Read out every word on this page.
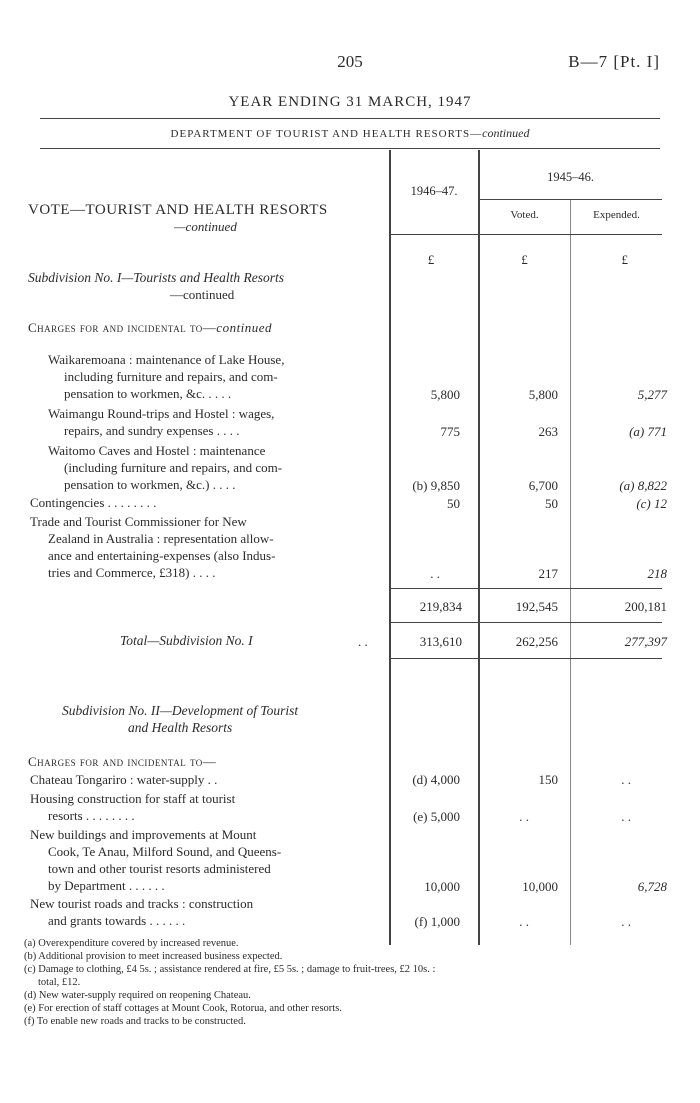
205	B—7 [Pt. I]
YEAR ENDING 31 MARCH, 1947
DEPARTMENT OF TOURIST AND HEALTH RESORTS—continued
1946–47.
1945–46.
Voted.	Expended.
VOTE—TOURIST AND HEALTH RESORTS
—continued
£	£	£
Subdivision No. I—Tourists and Health Resorts
—continued
Charges for and incidental to—continued
Waikaremoana : maintenance of Lake House,
including furniture and repairs, and com-
pensation to workmen, &c. . . . .	5,800	5,800	5,277
Waimangu Round-trips and Hostel : wages,
repairs, and sundry expenses . . . .	775	263	(a) 771
Waitomo Caves and Hostel : maintenance
(including furniture and repairs, and com-
pensation to workmen, &c.) . . . .	(b) 9,850	6,700	(a) 8,822
Contingencies . . . . . . . .	50	50	(c) 12
Trade and Tourist Commissioner for New
Zealand in Australia : representation allow-
ance and entertaining-expenses (also Indus-
tries and Commerce, £318) . . . .	. .	217	218
219,834	192,545	200,181
Total—Subdivision No. I	. .	313,610	262,256	277,397
Subdivision No. II—Development of Tourist
and Health Resorts
Charges for and incidental to—
Chateau Tongariro : water-supply . .	(d) 4,000	150	. .
Housing construction for staff at tourist
resorts . . . . . . . .	(e) 5,000	. .	. .
New buildings and improvements at Mount
Cook, Te Anau, Milford Sound, and Queens-
town and other tourist resorts administered
by Department . . . . . .	10,000	10,000	6,728
New tourist roads and tracks : construction
and grants towards . . . . . .	(f) 1,000	. .	. .
(a) Overexpenditure covered by increased revenue.
(b) Additional provision to meet increased business expected.
(c) Damage to clothing, £4 5s. ; assistance rendered at fire, £5 5s. ; damage to fruit-trees, £2 10s. :
total, £12.
(d) New water-supply required on reopening Chateau.
(e) For erection of staff cottages at Mount Cook, Rotorua, and other resorts.
(f) To enable new roads and tracks to be constructed.
